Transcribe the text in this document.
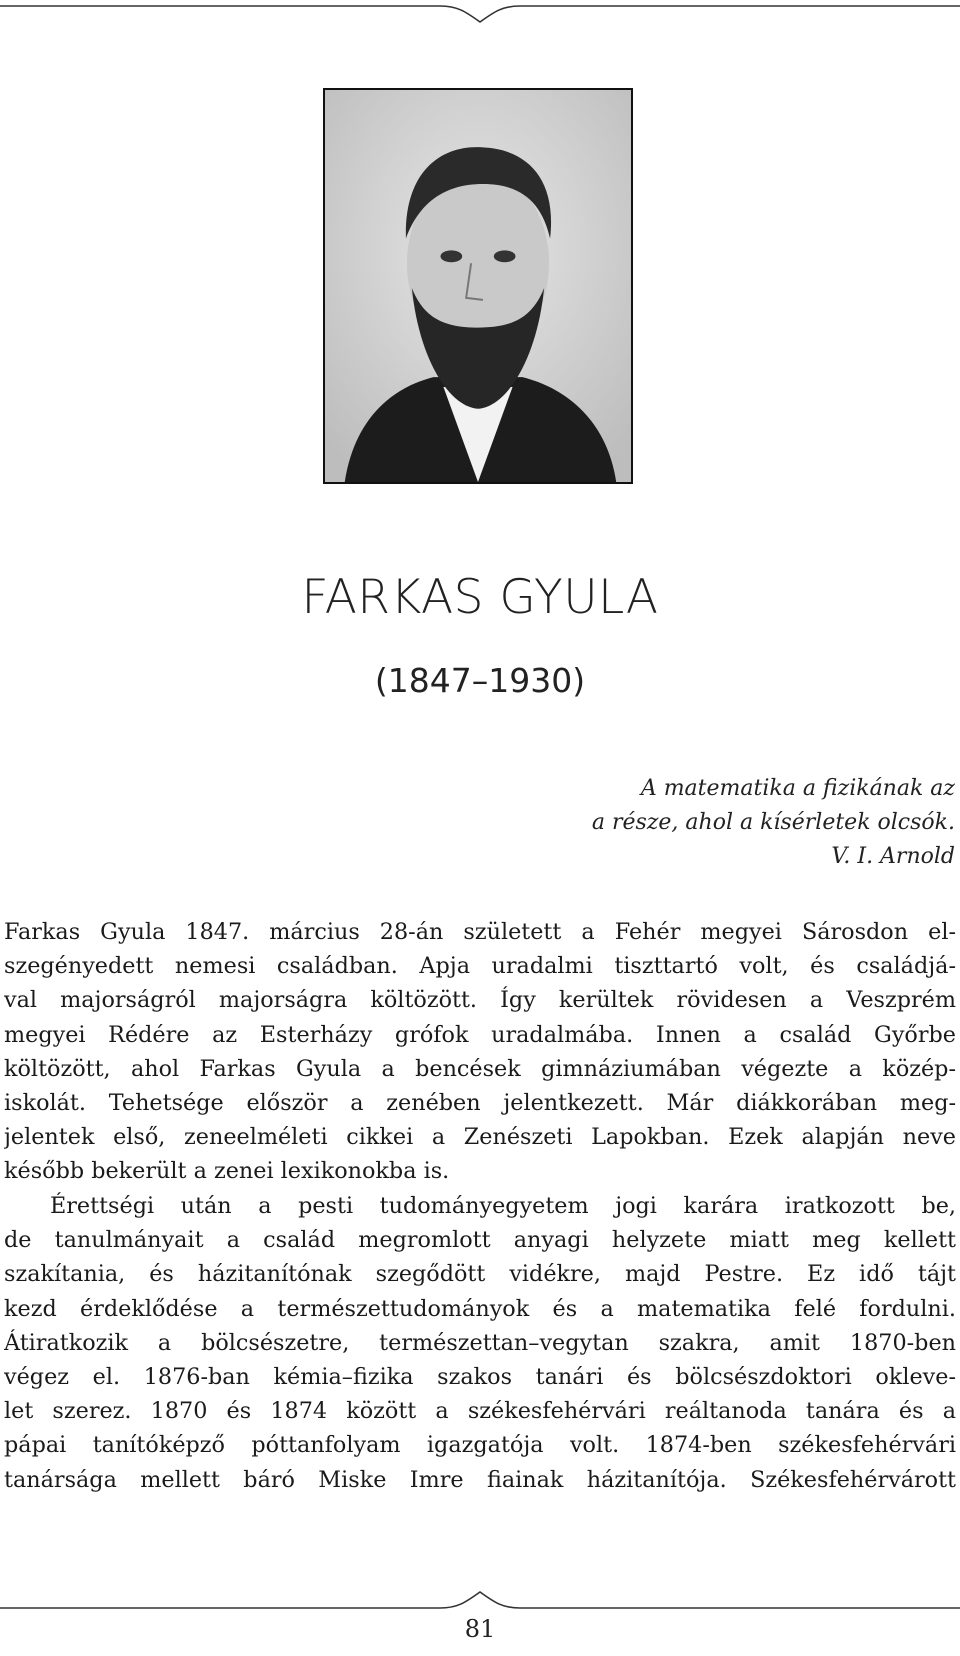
FARKAS GYULA
(1847–1930)
A matematika a fizikának az
a része, ahol a kísérletek olcsók.
V. I. Arnold
Farkas Gyula 1847. március 28-án született a Fehér megyei Sárosdon el-
szegényedett nemesi családban. Apja uradalmi tiszttartó volt, és családjá-
val majorságról majorságra költözött. Így kerültek rövidesen a Veszprém
megyei Rédére az Esterházy grófok uradalmába. Innen a család Győrbe
költözött, ahol Farkas Gyula a bencések gimnáziumában végezte a közép-
iskolát. Tehetsége először a zenében jelentkezett. Már diákkorában meg-
jelentek első, zeneelméleti cikkei a Zenészeti Lapokban. Ezek alapján neve
később bekerült a zenei lexikonokba is.
Érettségi után a pesti tudományegyetem jogi karára iratkozott be,
de tanulmányait a család megromlott anyagi helyzete miatt meg kellett
szakítania, és házitanítónak szegődött vidékre, majd Pestre. Ez idő tájt
kezd érdeklődése a természettudományok és a matematika felé fordulni.
Átiratkozik a bölcsészetre, természettan–vegytan szakra, amit 1870-ben
végez el. 1876-ban kémia–fizika szakos tanári és bölcsészdoktori okleve-
let szerez. 1870 és 1874 között a székesfehérvári reáltanoda tanára és a
pápai tanítóképző póttanfolyam igazgatója volt. 1874-ben székesfehérvári
tanársága mellett báró Miske Imre fiainak házitanítója. Székesfehérvárott
81
